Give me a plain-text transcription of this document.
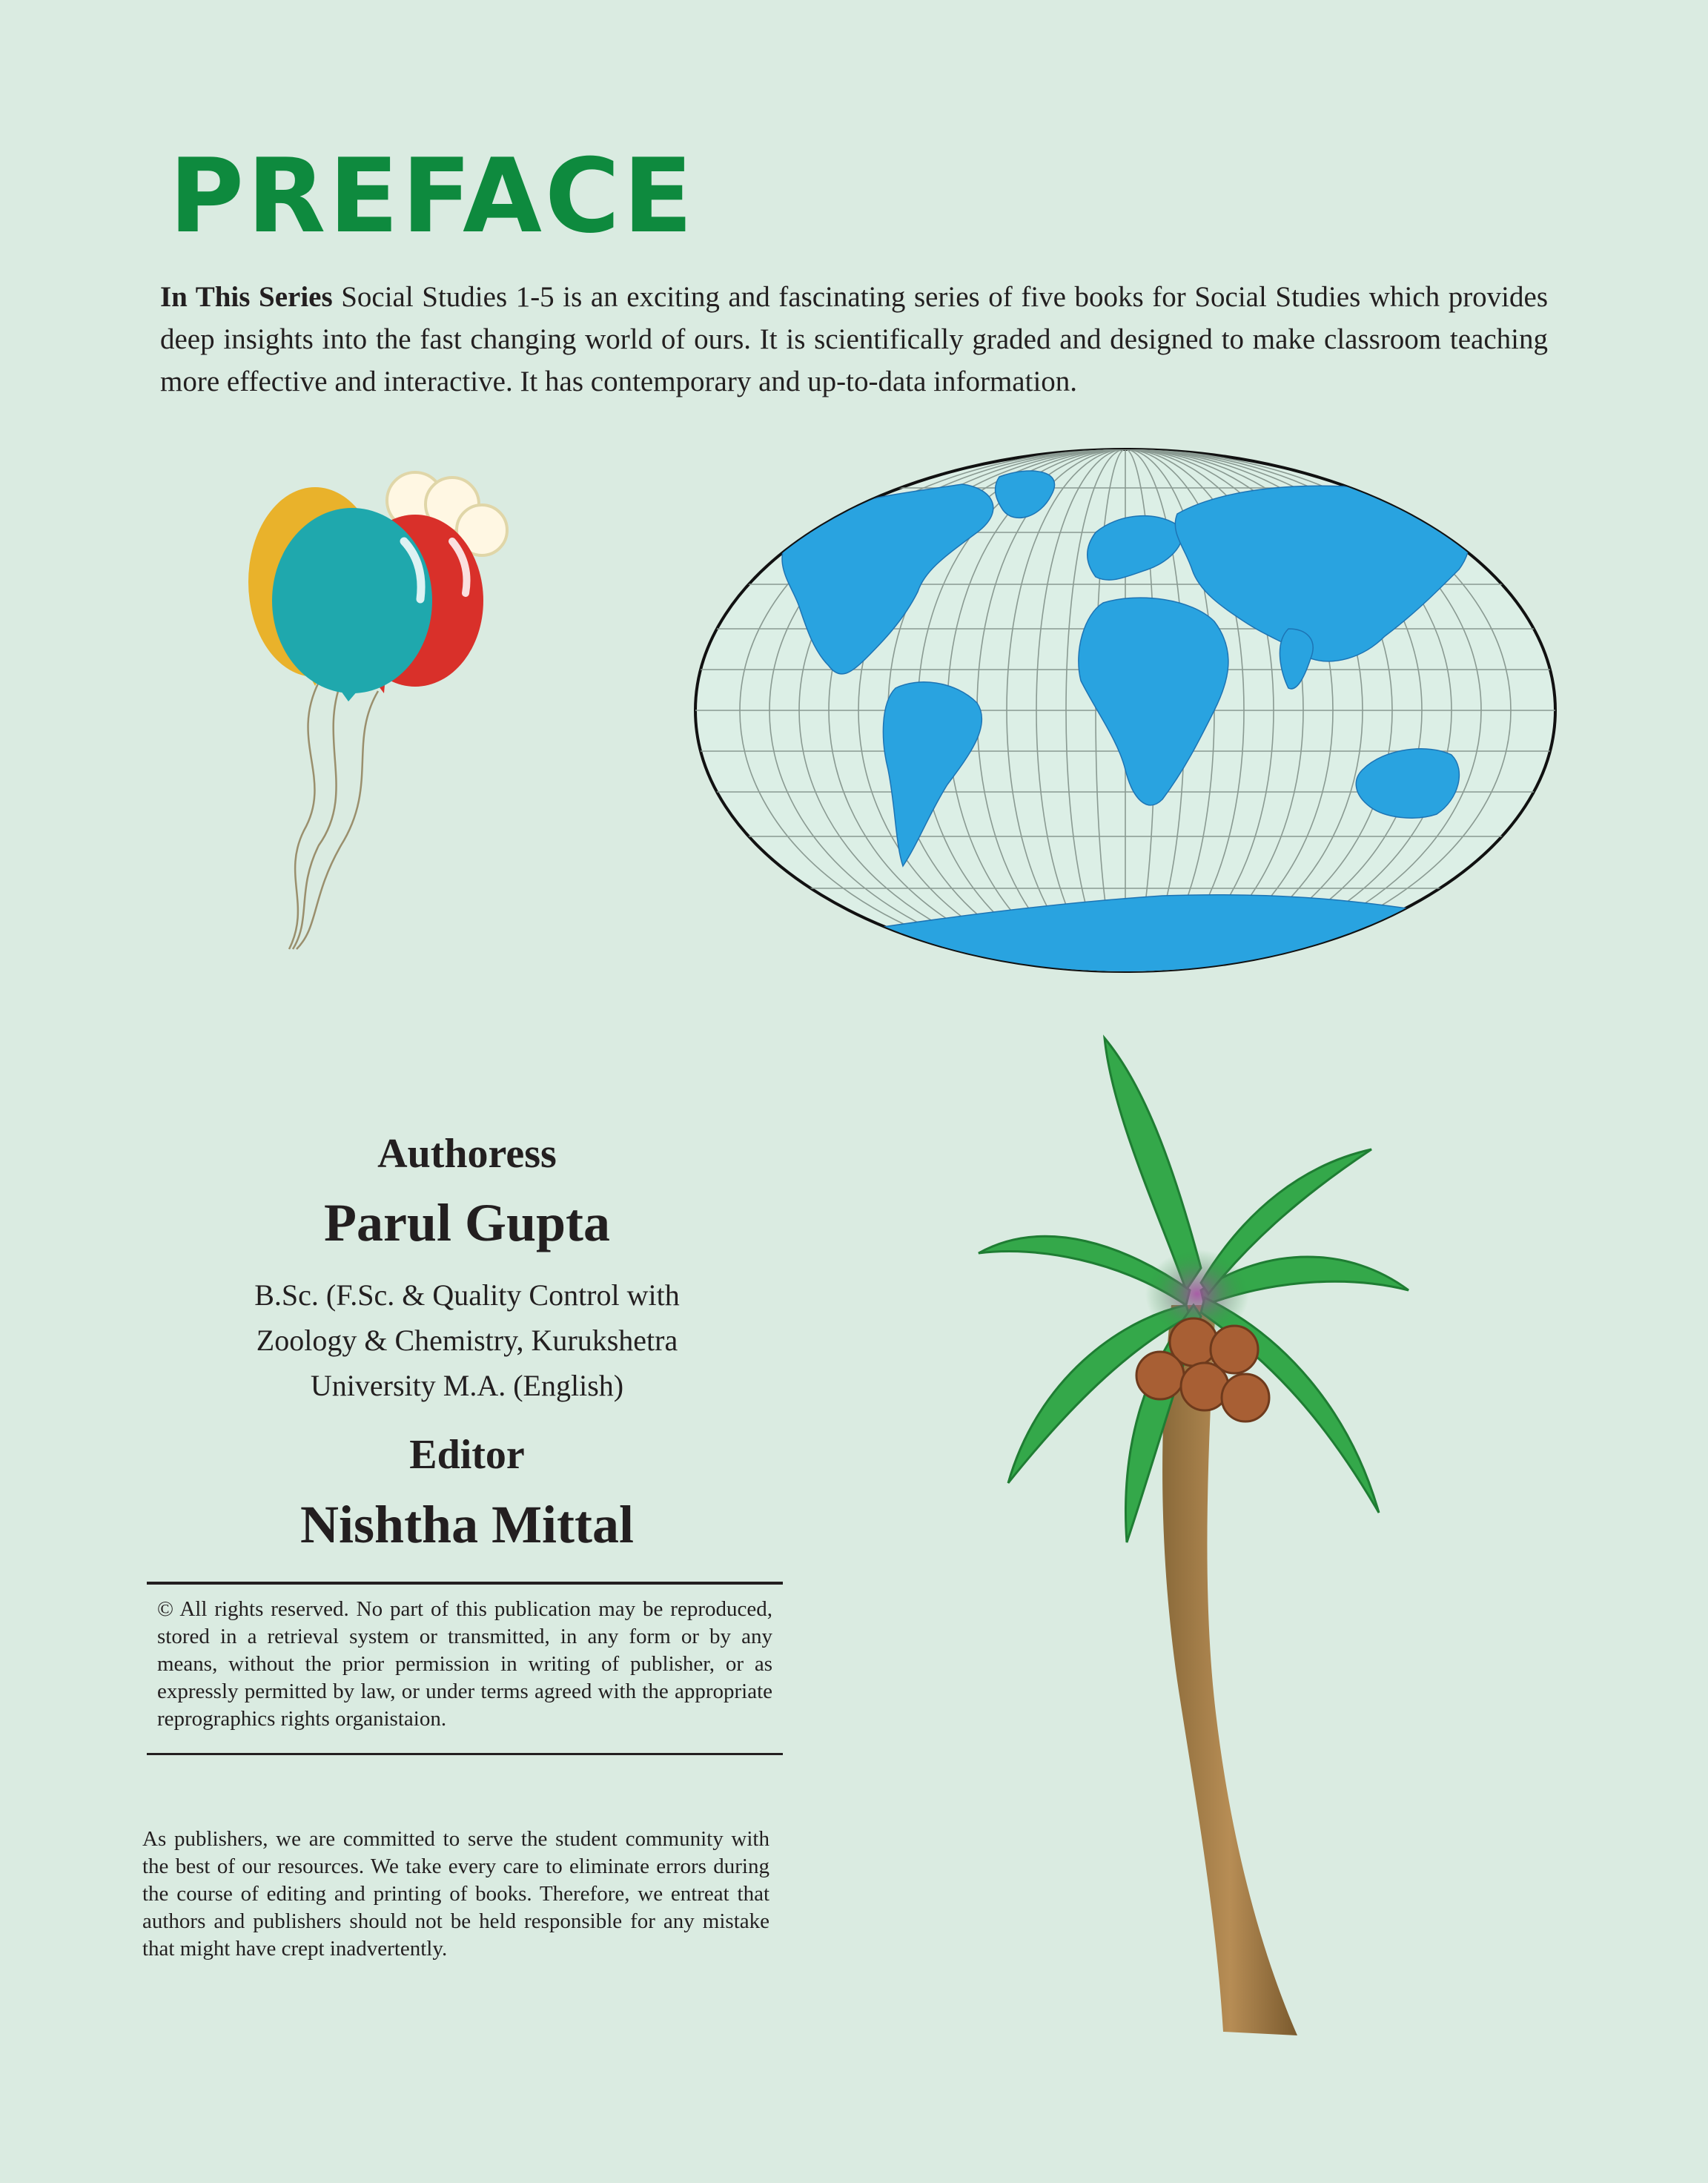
PREFACE

In This Series Social Studies 1-5 is an exciting and fascinating series of five books for Social Studies which provides deep insights into the fast changing world of ours. It is scientifically graded and designed to make classroom teaching more effective and interactive. It has contemporary and up-to-data information.

Authoress
Parul Gupta
B.Sc. (F.Sc. & Quality Control with Zoology & Chemistry, Kurukshetra University M.A. (English)
Editor
Nishtha Mittal

© All rights reserved. No part of this publication may be reproduced, stored in a retrieval system or transmitted, in any form or by any means, without the prior permission in writing of publisher, or as expressly permitted by law, or under terms agreed with the appropriate reprographics rights organistaion.

As publishers, we are committed to serve the student community with the best of our resources. We take every care to eliminate errors during the course of editing and printing of books. Therefore, we entreat that authors and publishers should not be held responsible for any mistake that might have crept inadvertently.
